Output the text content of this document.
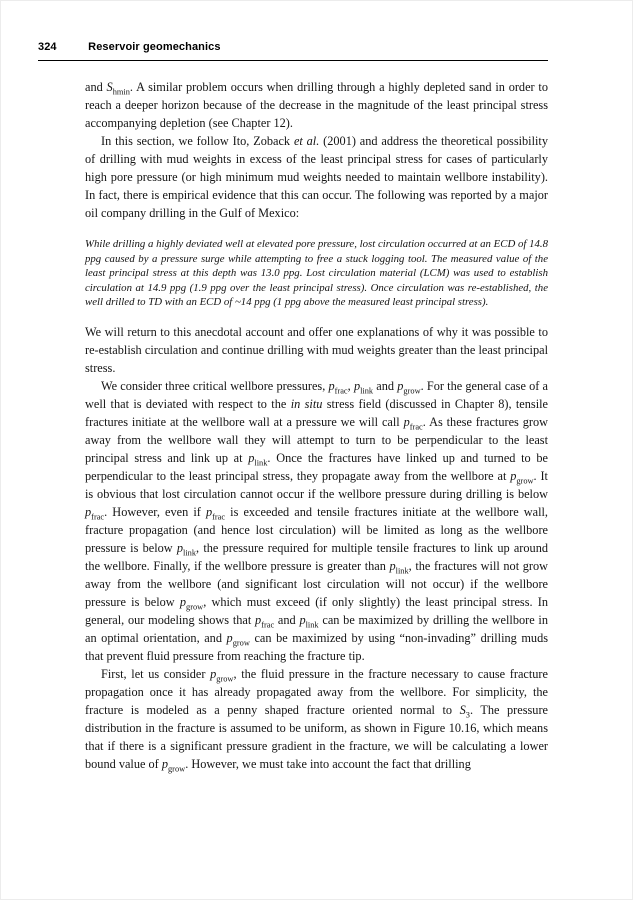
324	Reservoir geomechanics

and $S_{hmin}$. A similar problem occurs when drilling through a highly depleted sand in order to reach a deeper horizon because of the decrease in the magnitude of the least principal stress accompanying depletion (see Chapter 12).

In this section, we follow Ito, Zoback et al. (2001) and address the theoretical possibility of drilling with mud weights in excess of the least principal stress for cases of particularly high pore pressure (or high minimum mud weights needed to maintain wellbore instability). In fact, there is empirical evidence that this can occur. The following was reported by a major oil company drilling in the Gulf of Mexico:

While drilling a highly deviated well at elevated pore pressure, lost circulation occurred at an ECD of 14.8 ppg caused by a pressure surge while attempting to free a stuck logging tool. The measured value of the least principal stress at this depth was 13.0 ppg. Lost circulation material (LCM) was used to establish circulation at 14.9 ppg (1.9 ppg over the least principal stress). Once circulation was re-established, the well drilled to TD with an ECD of ~14 ppg (1 ppg above the measured least principal stress).

We will return to this anecdotal account and offer one explanations of why it was possible to re-establish circulation and continue drilling with mud weights greater than the least principal stress.

We consider three critical wellbore pressures, $p_{frac}$, $p_{link}$ and $p_{grow}$. For the general case of a well that is deviated with respect to the in situ stress field (discussed in Chapter 8), tensile fractures initiate at the wellbore wall at a pressure we will call $p_{frac}$. As these fractures grow away from the wellbore wall they will attempt to turn to be perpendicular to the least principal stress and link up at $p_{link}$. Once the fractures have linked up and turned to be perpendicular to the least principal stress, they propagate away from the wellbore at $p_{grow}$. It is obvious that lost circulation cannot occur if the wellbore pressure during drilling is below $p_{frac}$. However, even if $p_{frac}$ is exceeded and tensile fractures initiate at the wellbore wall, fracture propagation (and hence lost circulation) will be limited as long as the wellbore pressure is below $p_{link}$, the pressure required for multiple tensile fractures to link up around the wellbore. Finally, if the wellbore pressure is greater than $p_{link}$, the fractures will not grow away from the wellbore (and significant lost circulation will not occur) if the wellbore pressure is below $p_{grow}$, which must exceed (if only slightly) the least principal stress. In general, our modeling shows that $p_{frac}$ and $p_{link}$ can be maximized by drilling the wellbore in an optimal orientation, and $p_{grow}$ can be maximized by using “non-invading” drilling muds that prevent fluid pressure from reaching the fracture tip.

First, let us consider $p_{grow}$, the fluid pressure in the fracture necessary to cause fracture propagation once it has already propagated away from the wellbore. For simplicity, the fracture is modeled as a penny shaped fracture oriented normal to $S_3$. The pressure distribution in the fracture is assumed to be uniform, as shown in Figure 10.16, which means that if there is a significant pressure gradient in the fracture, we will be calculating a lower bound value of $p_{grow}$. However, we must take into account the fact that drilling
